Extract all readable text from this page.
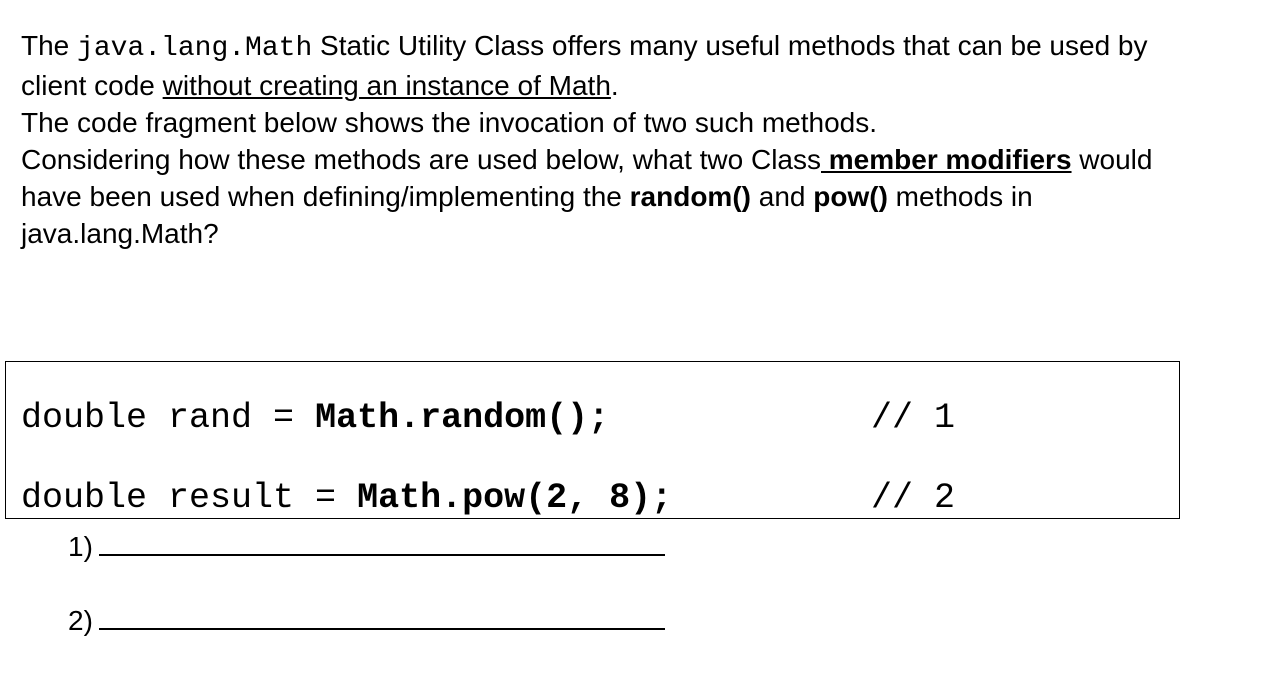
The java.lang.Math Static Utility Class offers many useful methods that can be used by client code without creating an instance of Math.

The code fragment below shows the invocation of two such methods.

Considering how these methods are used below, what two Class member modifiers would have been used when defining/implementing the random() and pow() methods in java.lang.Math?

double rand = Math.random();	// 1
double result = Math.pow(2, 8);	// 2
1)
2)
